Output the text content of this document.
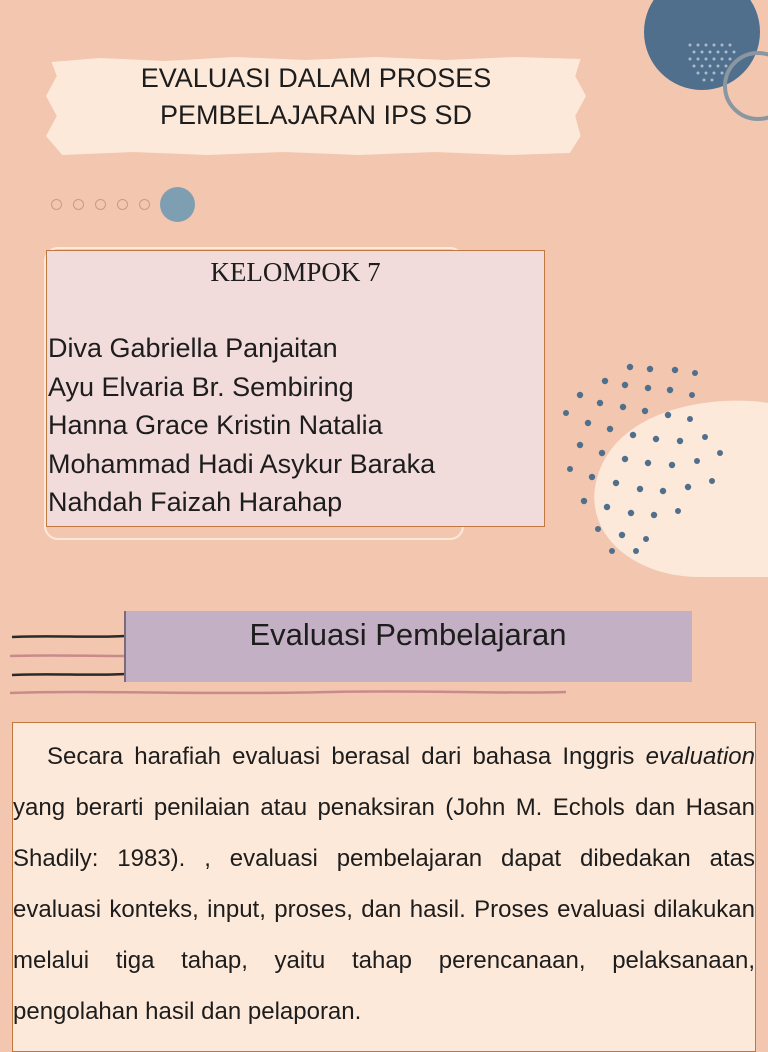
EVALUASI DALAM PROSES
PEMBELAJARAN IPS SD
KELOMPOK 7
Diva Gabriella Panjaitan
Ayu Elvaria Br. Sembiring
Hanna Grace Kristin Natalia
Mohammad Hadi Asykur Baraka
Nahdah Faizah Harahap
Evaluasi Pembelajaran

Secara harafiah evaluasi berasal dari bahasa Inggris evaluation yang berarti penilaian atau penaksiran (John M. Echols dan Hasan Shadily: 1983). , evaluasi pembelajaran dapat dibedakan atas evaluasi konteks, input, proses, dan hasil. Proses evaluasi dilakukan melalui tiga tahap, yaitu tahap perencanaan, pelaksanaan, pengolahan hasil dan pelaporan.
